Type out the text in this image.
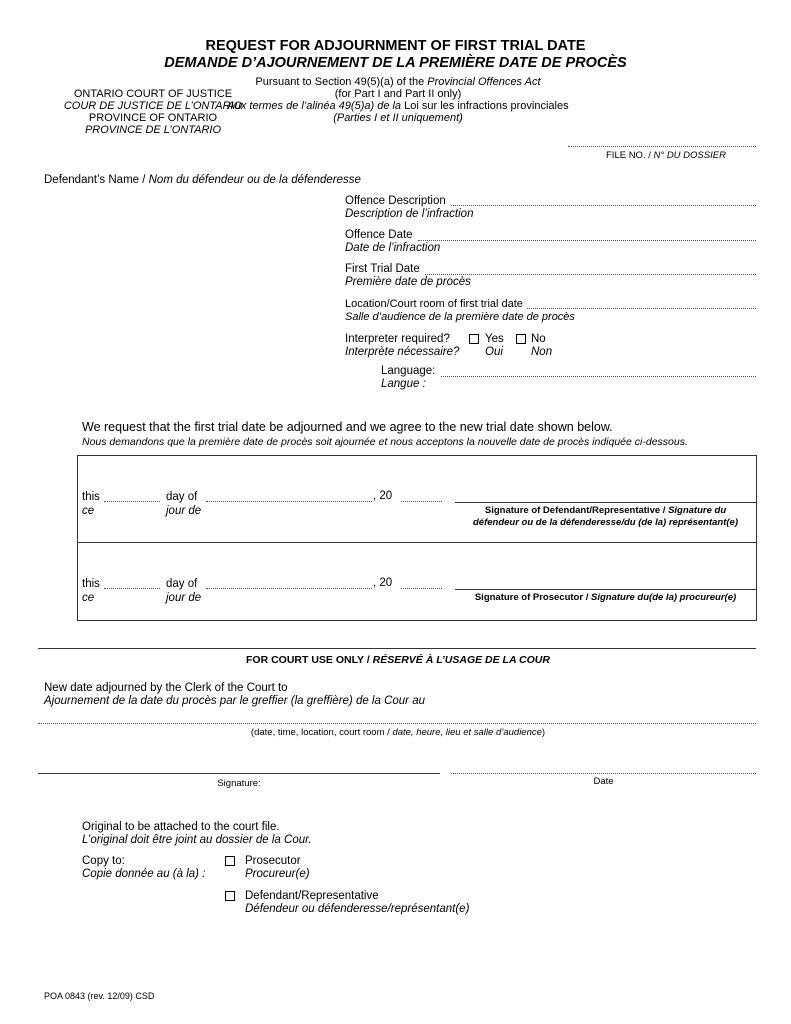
REQUEST FOR ADJOURNMENT OF FIRST TRIAL DATE
DEMANDE D’AJOURNEMENT DE LA PREMIÈRE DATE DE PROCÈS
ONTARIO COURT OF JUSTICE
COUR DE JUSTICE DE L’ONTARIO
PROVINCE OF ONTARIO
PROVINCE DE L’ONTARIO
Pursuant to Section 49(5)(a) of the Provincial Offences Act
(for Part I and Part II only)
Aux termes de l’alinéa 49(5)a) de la Loi sur les infractions provinciales
(Parties I et II uniquement)
FILE NO. / N° DU DOSSIER
Defendant’s Name / Nom du défendeur ou de la défenderesse
Offence Description
Description de l’infraction
Offence Date
Date de l’infraction
First Trial Date
Première date de procès
Location/Court room of first trial date
Salle d’audience de la première date de procès
Interpreter required?
Interprète nécessaire?
Yes
Oui
No
Non
Language:
Langue :
We request that the first trial date be adjourned and we agree to the new trial date shown below.
Nous demandons que la première date de procès soit ajournée et nous acceptons la nouvelle date de procès indiquée ci-dessous.
this
ce
day of
jour de
, 20
Signature of Defendant/Representative / Signature du
défendeur ou de la défenderesse/du (de la) représentant(e)
this
ce
day of
jour de
, 20
Signature of Prosecutor / Signature du(de la) procureur(e)
FOR COURT USE ONLY / RÉSERVÉ À L’USAGE DE LA COUR
New date adjourned by the Clerk of the Court to
Ajournement de la date du procès par le greffier (la greffière) de la Cour au
(date, time, location, court room / date, heure, lieu et salle d’audience)
Signature:	Date
Original to be attached to the court file.
L’original doit être joint au dossier de la Cour.
Copy to:
Copie donnée au (à la) :
Prosecutor
Procureur(e)
Defendant/Representative
Défendeur ou défenderesse/représentant(e)
POA 0843 (rev. 12/09) CSD
